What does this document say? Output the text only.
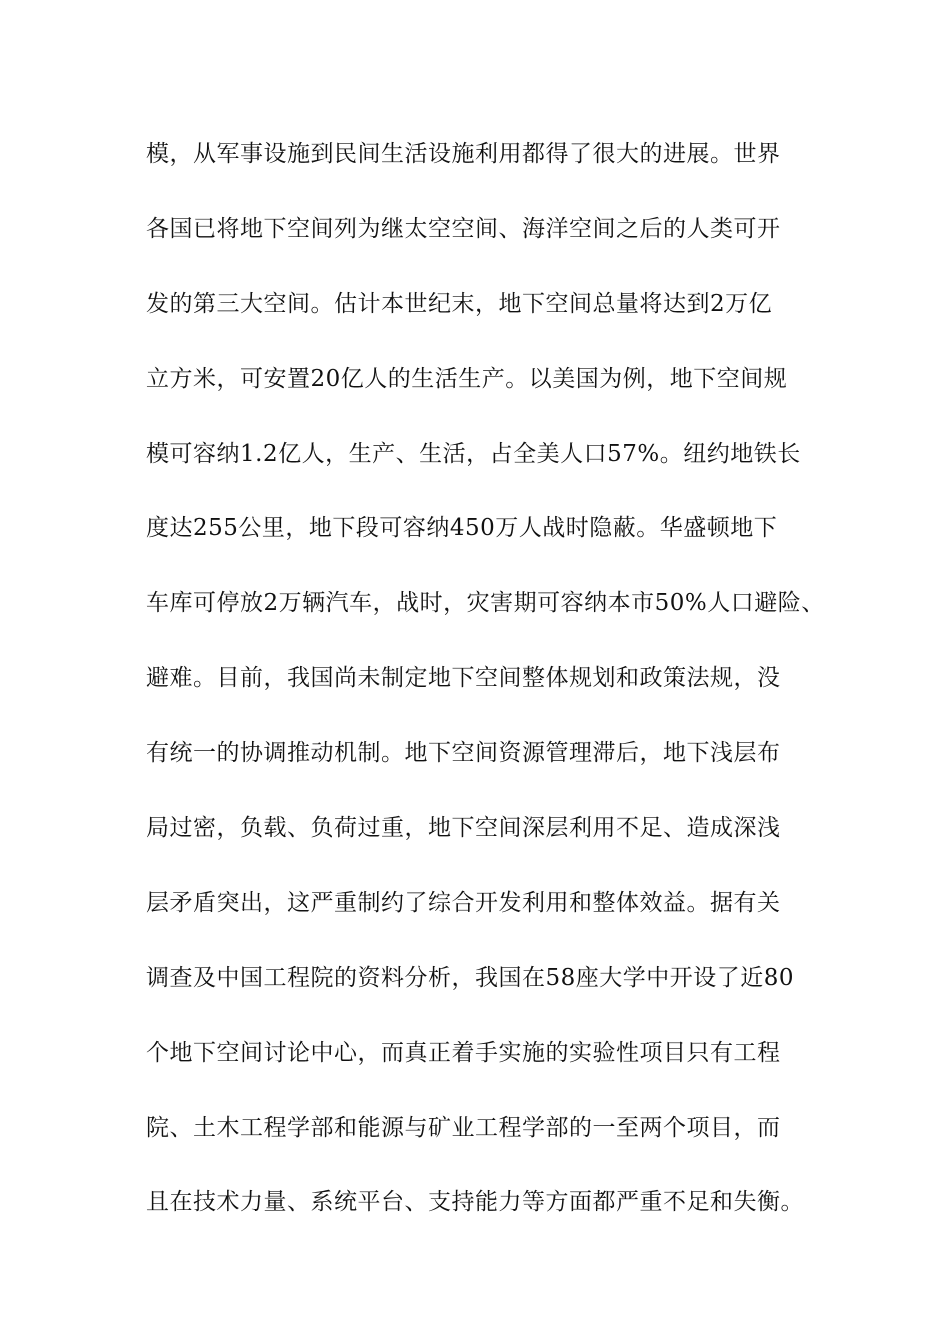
模，从军事设施到民间生活设施利用都得了很大的进展。世界
各国已将地下空间列为继太空空间、海洋空间之后的人类可开
发的第三大空间。估计本世纪末，地下空间总量将达到2万亿
立方米，可安置20亿人的生活生产。以美国为例，地下空间规
模可容纳1.2亿人，生产、生活，占全美人口57%。纽约地铁长
度达255公里，地下段可容纳450万人战时隐蔽。华盛顿地下
车库可停放2万辆汽车，战时，灾害期可容纳本市50%人口避险、
避难。目前，我国尚未制定地下空间整体规划和政策法规，没
有统一的协调推动机制。地下空间资源管理滞后，地下浅层布
局过密，负载、负荷过重，地下空间深层利用不足、造成深浅
层矛盾突出，这严重制约了综合开发利用和整体效益。据有关
调查及中国工程院的资料分析，我国在58座大学中开设了近80
个地下空间讨论中心，而真正着手实施的实验性项目只有工程
院、土木工程学部和能源与矿业工程学部的一至两个项目，而
且在技术力量、系统平台、支持能力等方面都严重不足和失衡。
